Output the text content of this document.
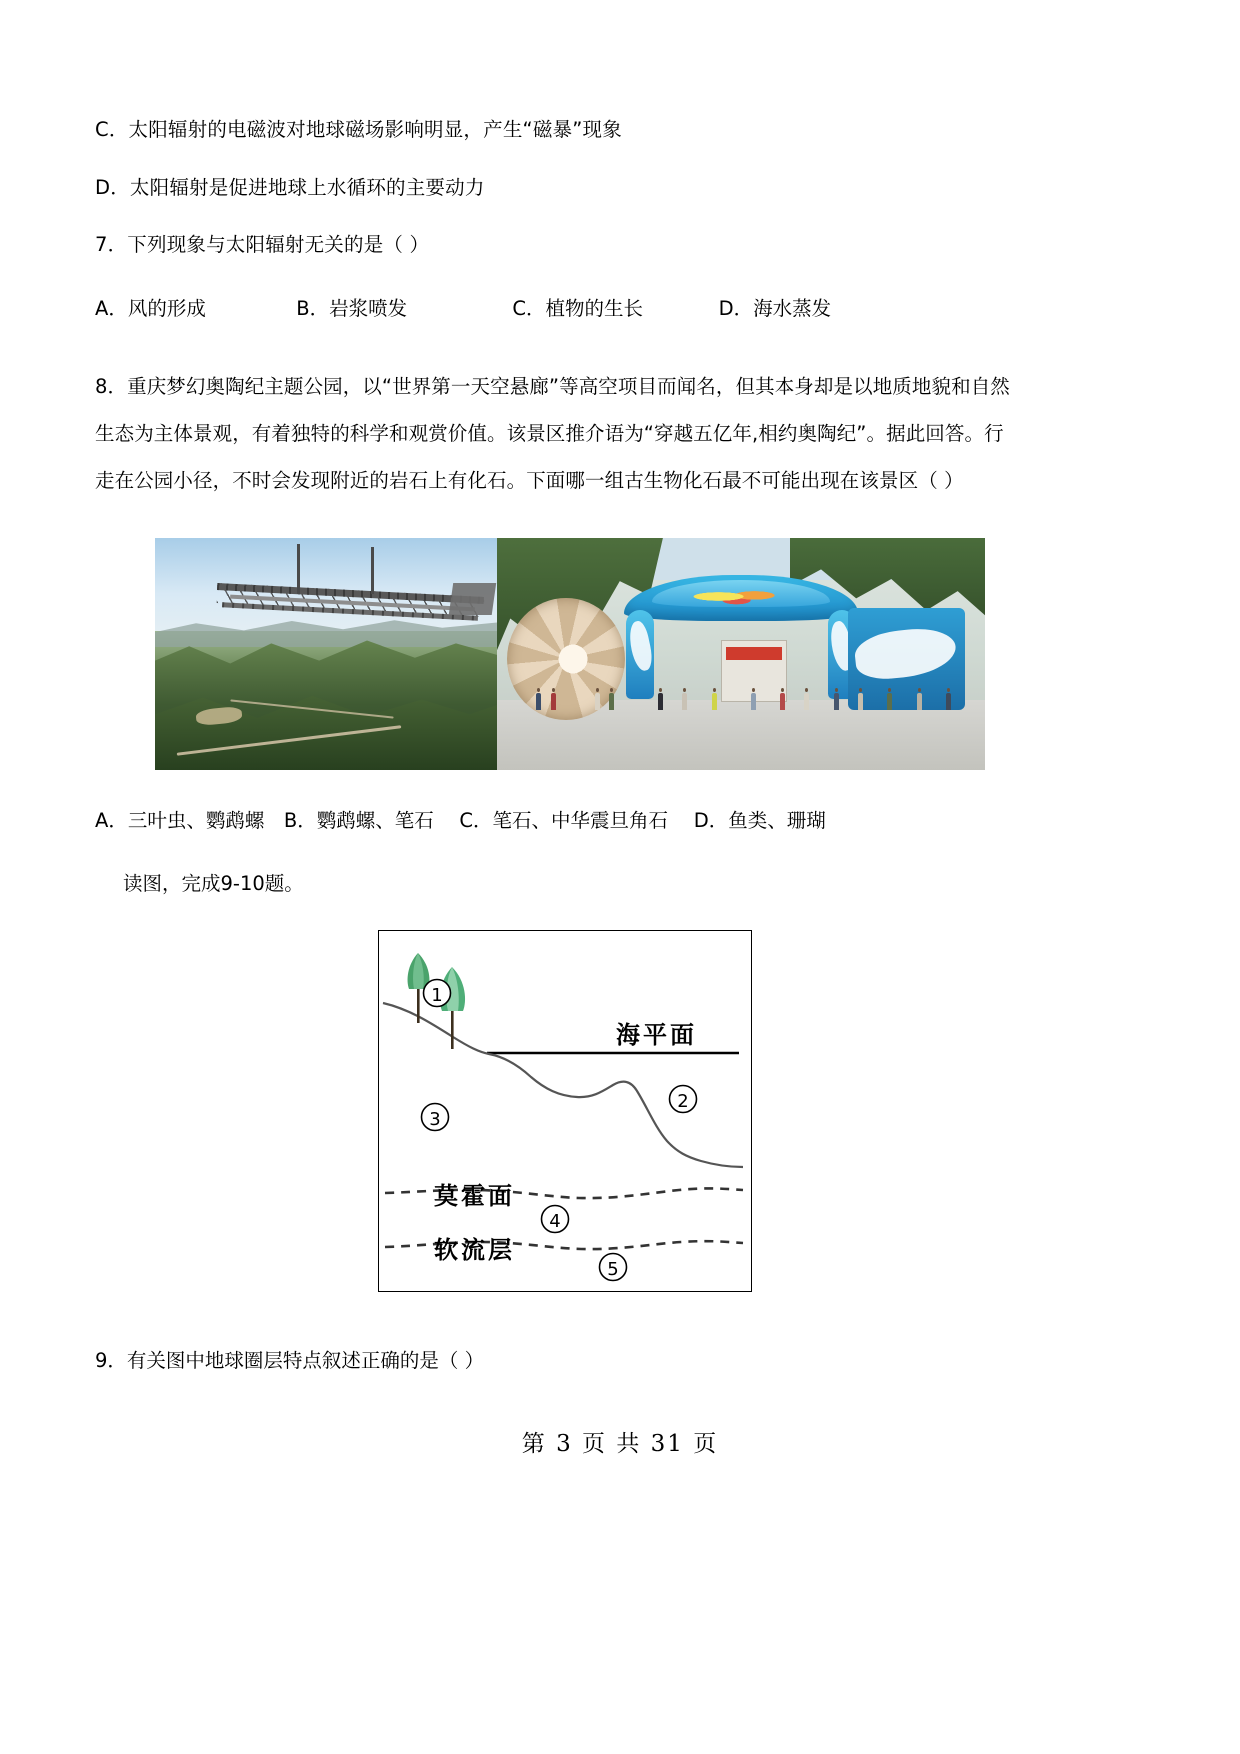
C．太阳辐射的电磁波对地球磁场影响明显，产生“磁暴”现象
D．太阳辐射是促进地球上水循环的主要动力
7．下列现象与太阳辐射无关的是（ ）
A．风的形成	B．岩浆喷发	C．植物的生长	D．海水蒸发
8．重庆梦幻奥陶纪主题公园，以“世界第一天空悬廊”等高空项目而闻名，但其本身却是以地质地貌和自然
生态为主体景观，有着独特的科学和观赏价值。该景区推介语为“穿越五亿年,相约奥陶纪”。据此回答。行
走在公园小径，不时会发现附近的岩石上有化石。下面哪一组古生物化石最不可能出现在该景区（ ）
A．三叶虫、鹦鹉螺　B．鹦鹉螺、笔石　 C．笔石、中华震旦角石　 D．鱼类、珊瑚
读图，完成9-10题。
1
2
3
4
5
海平面
莫霍面
软流层
9．有关图中地球圈层特点叙述正确的是（ ）
第 3 页 共 31 页
